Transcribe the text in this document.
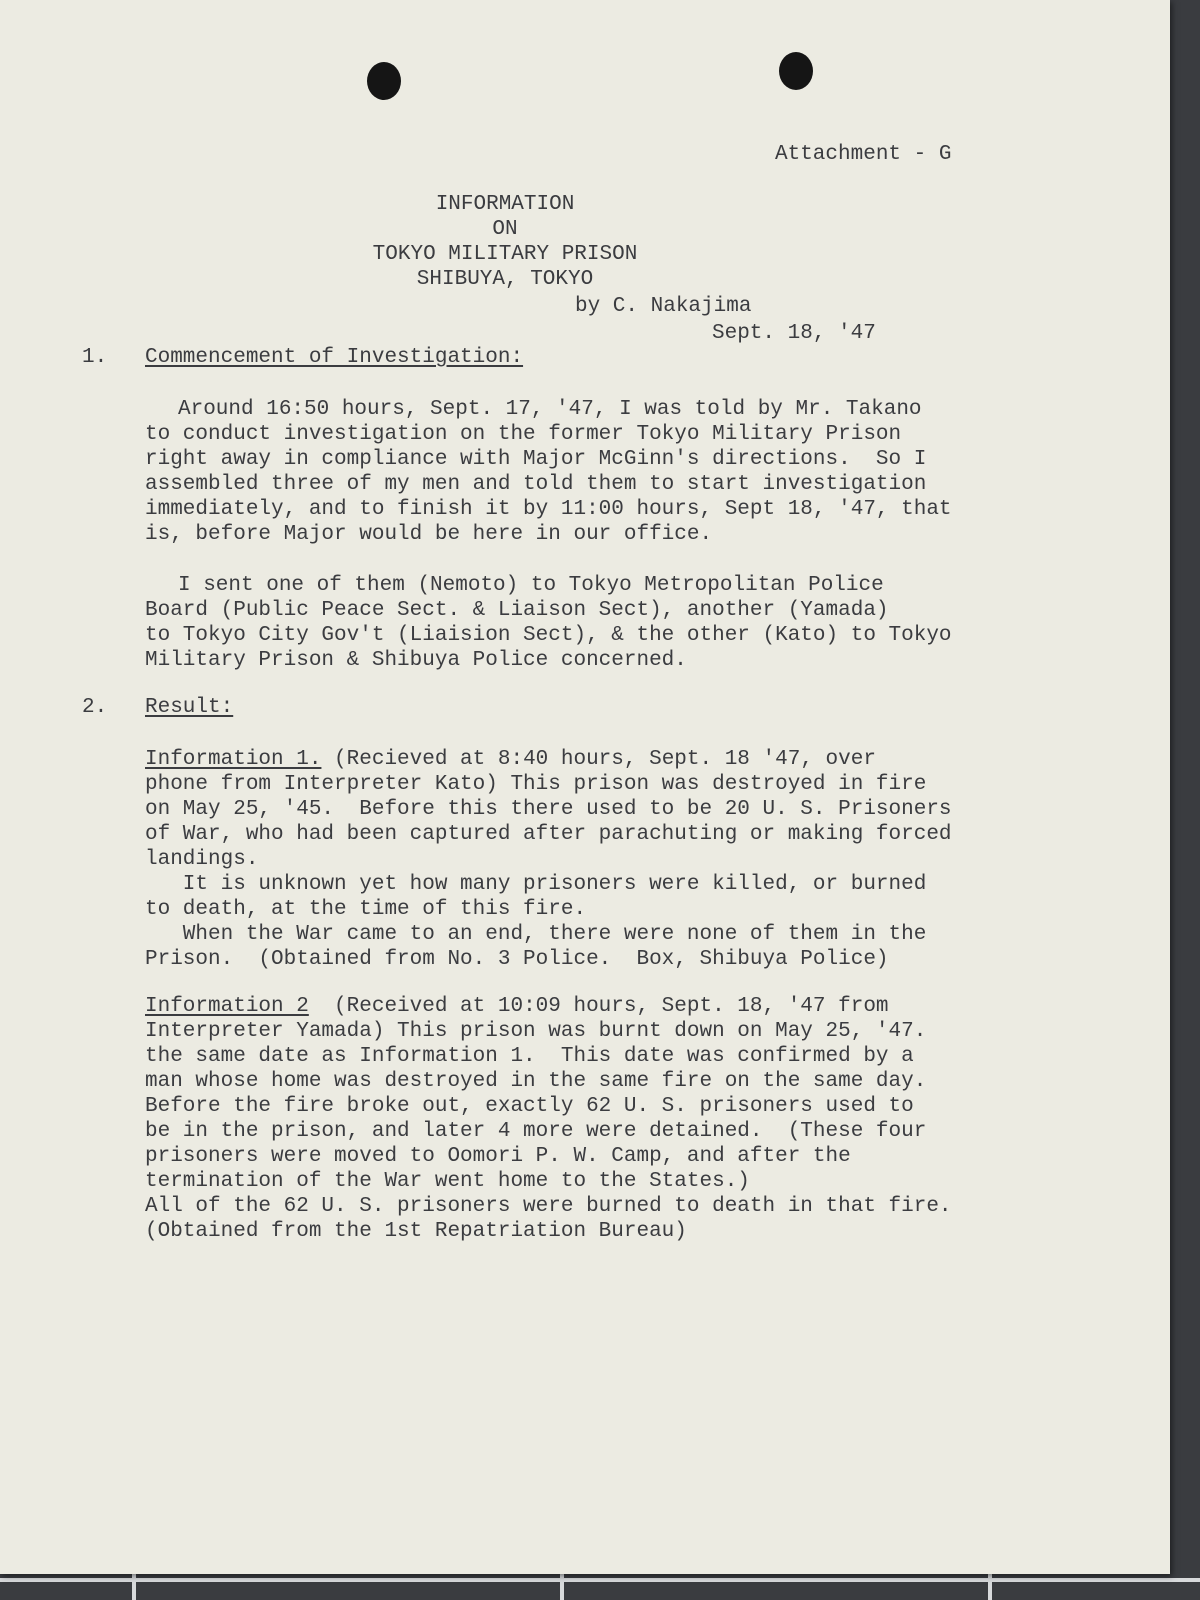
Attachment - G
INFORMATION
ON
TOKYO MILITARY PRISON
SHIBUYA, TOKYO
by C. Nakajima
Sept. 18, '47
1. Commencement of Investigation:
Around 16:50 hours, Sept. 17, '47, I was told by Mr. Takano
to conduct investigation on the former Tokyo Military Prison
right away in compliance with Major McGinn's directions.  So I
assembled three of my men and told them to start investigation
immediately, and to finish it by 11:00 hours, Sept 18, '47, that
is, before Major would be here in our office.
I sent one of them (Nemoto) to Tokyo Metropolitan Police
Board (Public Peace Sect. & Liaison Sect), another (Yamada)
to Tokyo City Gov't (Liaision Sect), & the other (Kato) to Tokyo
Military Prison & Shibuya Police concerned.
2. Result:
Information 1. (Recieved at 8:40 hours, Sept. 18 '47, over
phone from Interpreter Kato) This prison was destroyed in fire
on May 25, '45.  Before this there used to be 20 U. S. Prisoners
of War, who had been captured after parachuting or making forced
landings.
It is unknown yet how many prisoners were killed, or burned
to death, at the time of this fire.
When the War came to an end, there were none of them in the
Prison.  (Obtained from No. 3 Police.  Box, Shibuya Police)
Information 2  (Received at 10:09 hours, Sept. 18, '47 from
Interpreter Yamada) This prison was burnt down on May 25, '47.
the same date as Information 1.  This date was confirmed by a
man whose home was destroyed in the same fire on the same day.
Before the fire broke out, exactly 62 U. S. prisoners used to
be in the prison, and later 4 more were detained.  (These four
prisoners were moved to Oomori P. W. Camp, and after the
termination of the War went home to the States.)
All of the 62 U. S. prisoners were burned to death in that fire.
(Obtained from the 1st Repatriation Bureau)
